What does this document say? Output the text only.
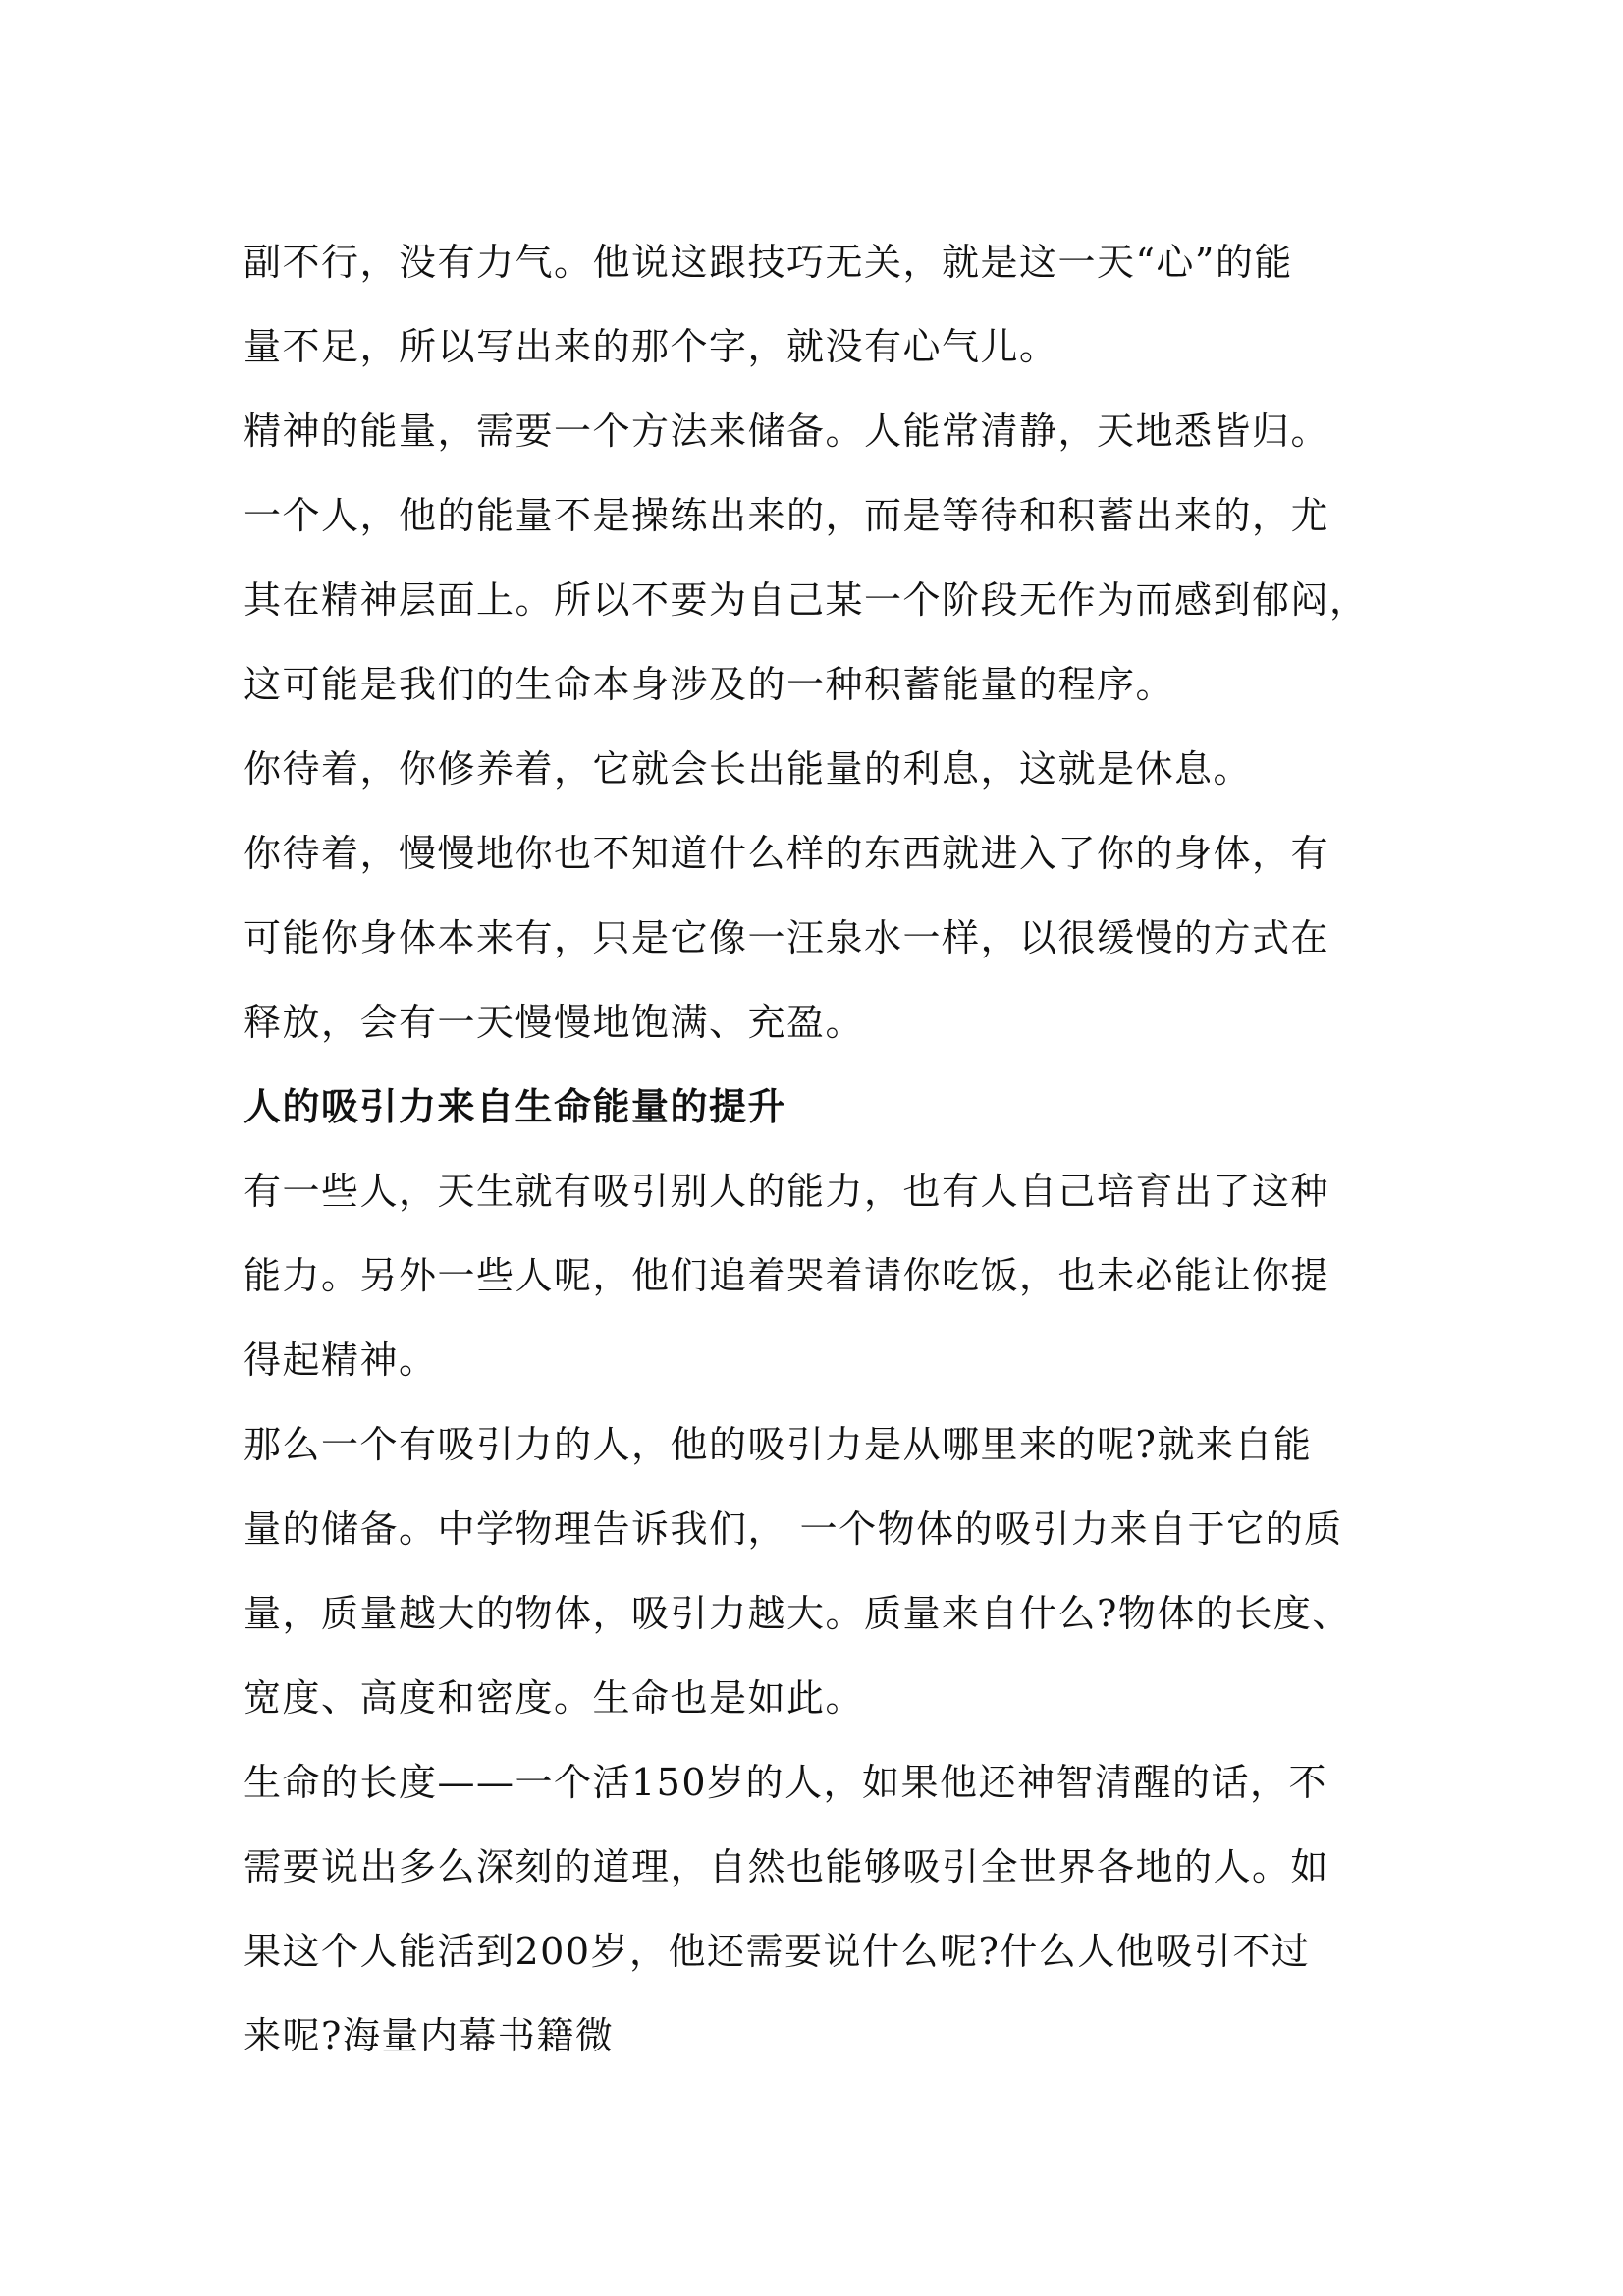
副不行，没有力气。他说这跟技巧无关，就是这一天“心”的能
量不足，所以写出来的那个字，就没有心气儿。

精神的能量，需要一个方法来储备。人能常清静，天地悉皆归。

一个人，他的能量不是操练出来的，而是等待和积蓄出来的，尤
其在精神层面上。所以不要为自己某一个阶段无作为而感到郁闷，
这可能是我们的生命本身涉及的一种积蓄能量的程序。

你待着，你修养着，它就会长出能量的利息，这就是休息。

你待着，慢慢地你也不知道什么样的东西就进入了你的身体，有
可能你身体本来有，只是它像一汪泉水一样，以很缓慢的方式在
释放，会有一天慢慢地饱满、充盈。

人的吸引力来自生命能量的提升

有一些人，天生就有吸引别人的能力，也有人自己培育出了这种
能力。另外一些人呢，他们追着哭着请你吃饭，也未必能让你提
得起精神。

那么一个有吸引力的人，他的吸引力是从哪里来的呢?就来自能
量的储备。中学物理告诉我们， 一个物体的吸引力来自于它的质
量，质量越大的物体，吸引力越大。质量来自什么?物体的长度、
宽度、高度和密度。生命也是如此。

生命的长度——一个活150岁的人，如果他还神智清醒的话，不
需要说出多么深刻的道理，自然也能够吸引全世界各地的人。如
果这个人能活到200岁，他还需要说什么呢?什么人他吸引不过
来呢?海量内幕书籍微
